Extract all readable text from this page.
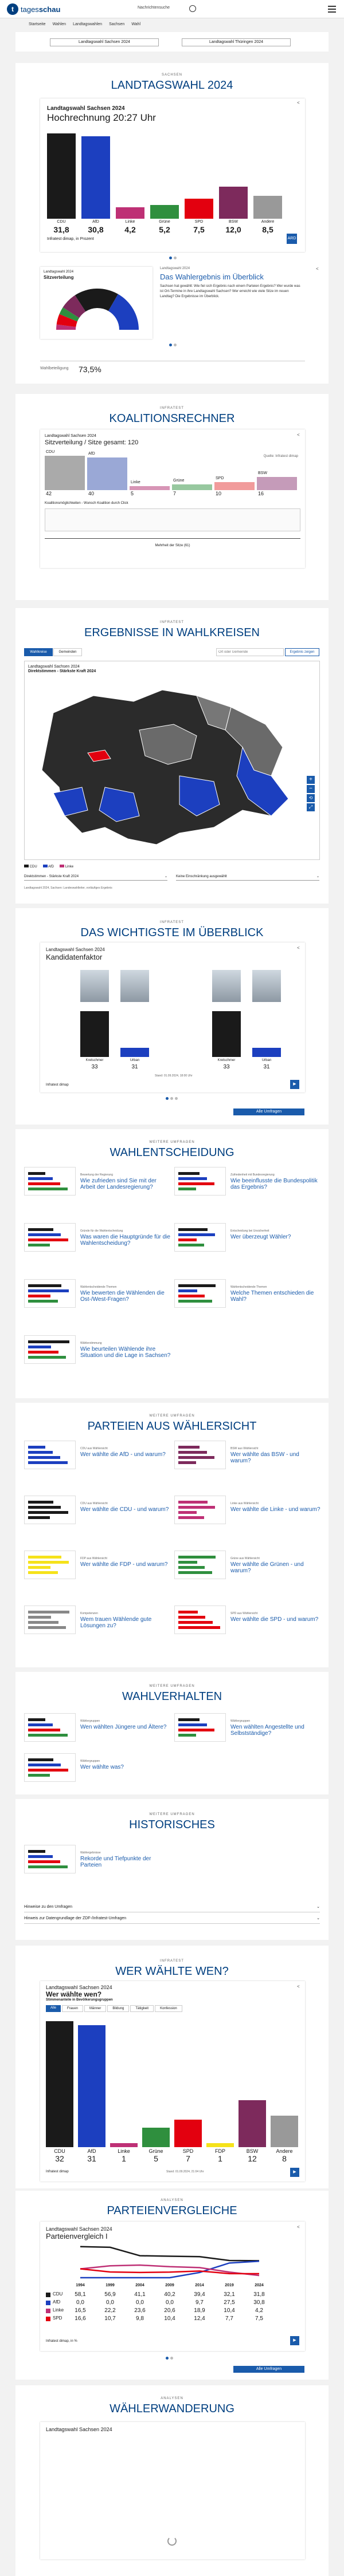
t tagesschau	Nachrichtensuche
Startseite Wahlen Landtagswahlen Sachsen Wahl
Landtagswahl Sachsen 2024	Landtagswahl Thüringen 2024
SACHSEN
LANDTAGSWAHL 2024
Landtagswahl Sachsen 2024
Hochrechnung 20:27 Uhr
<
CDU
31,8
AfD
30,8
Linke
4,2
Grüne
5,2
SPD
7,5
BSW
12,0
Andere
8,5
Infratest dimap, in Prozent	ARD
Landtagswahl 2024
Sitzverteilung
Landtagswahl 2024
Das Wahlergebnis im Überblick
Sachsen hat gewählt: Wie fiel sich Ergebnis nach einem Parteien Ergebnis? Wer wurde was ist Ort-Termine in ihre Landtagswahl Sachsen? Wer erreicht wie viele Sitze im neuen Landtag? Die Ergebnisse im Überblick.
<
Wahlbeteiligung 73,5%
INFRATEST
KOALITIONSRECHNER
Landtagswahl Sachsen 2024
Sitzverteilung / Sitze gesamt: 120
<
Quelle: Infratest dimap
CDU
42
AfD
40
Linke
5
Grüne
7
SPD
10
BSW
16
Koalitionsmöglichkeiten - Wunsch Koalition durch Click
Mehrheit der Sitze (61)
INFRATEST
ERGEBNISSE IN WAHLKREISEN
Wahlkreise	Gemeinden
Ort oder Gemeinde	Ergebnis zeigen
Landtagswahl Sachsen 2024
Direktstimmen - Stärkste Kraft 2024
+
−
⟲
⤢
CDU	AfD	Linke
Direktstimmen - Stärkste Kraft 2024	⌄	Keine Einschränkung ausgewählt	⌄
Landtagswahl 2024, Sachsen: Landeswahlleiter, vorläufiges Ergebnis
INFRATEST
DAS WICHTIGSTE IM ÜBERBLICK
Landtagswahl Sachsen 2024
Kandidatenfaktor
<
Kretschmer
33
Urban
31
Kretschmer
33
Urban
31
Stand: 01.09.2024, 18:00 Uhr
Infratest dimap	▶
Alle Umfragen
WEITERE UMFRAGEN
WAHLENTSCHEIDUNG
Bewertung der Regierung
Wie zufrieden sind Sie mit der Arbeit der Landesregierung?
Zufriedenheit mit Bundesregierung
Wie beeinflusste die Bundespolitik das Ergebnis?
Gründe für die Wahlentscheidung
Was waren die Hauptgründe für die Wahlentscheidung?
Entscheidung bei Unsicherheit
Wer überzeugt Wähler?
Wahlentscheidende Themen
Wie bewerten die Wählenden die Ost-/West-Fragen?
Wahlentscheidende Themen
Welche Themen entschieden die Wahl?
Wählerstimmung
Wie beurteilen Wählende ihre Situation und die Lage in Sachsen?
WEITERE UMFRAGEN
PARTEIEN AUS WÄHLERSICHT
CDU aus Wählersicht
Wer wählte die AfD - und warum?
BSW aus Wählersicht
Wer wählte das BSW - und warum?
CDU aus Wählersicht
Wer wählte die CDU - und warum?
Linke aus Wählersicht
Wer wählte die Linke - und warum?
FDP aus Wählersicht
Wer wählte die FDP - und warum?
Grüne aus Wählersicht
Wer wählte die Grünen - und warum?
Kompetenzen
Wem trauen Wählende gute Lösungen zu?
SPD aus Wählersicht
Wer wählte die SPD - und warum?
WEITERE UMFRAGEN
WAHLVERHALTEN
Wählergruppen
Wen wählten Jüngere und Ältere?
Wählergruppen
Wen wählten Angestellte und Selbstständige?
Wählergruppen
Wer wählte was?
WEITERE UMFRAGEN
HISTORISCHES
Wahlergebnisse
Rekorde und Tiefpunkte der Parteien
Hinweise zu den Umfragen	⌄
Hinweis zur Datengrundlage der ZDF-/Infratest-Umfragen	⌄
INFRATEST
WER WÄHLTE WEN?
Landtagswahl Sachsen 2024
Wer wählte wen?
Stimmenanteile in Bevölkerungsgruppen
<
Alle	Frauen	Männer	Bildung	Tätigkeit	Konfession
CDU
32
AfD
31
Linke
1
Grüne
5
SPD
7
FDP
1
BSW
12
Andere
8
Infratest dimap	Stand: 01.09.2024, 21:04 Uhr	▶
ANALYSEN
PARTEIENVERGLEICHE
Landtagswahl Sachsen 2024
Parteienvergleich I
<
1994	1999	2004	2009	2014	2019	2024
CDU	58,1	56,9	41,1	40,2	39,4	32,1	31,8
AfD	0,0	0,0	0,0	0,0	9,7	27,5	30,8
Linke	16,5	22,2	23,6	20,6	18,9	10,4	4,2
SPD	16,6	10,7	9,8	10,4	12,4	7,7	7,5
Infratest dimap, in %	▶
Alle Umfragen
ANALYSEN
WÄHLERWANDERUNG
Landtagswahl Sachsen 2024
